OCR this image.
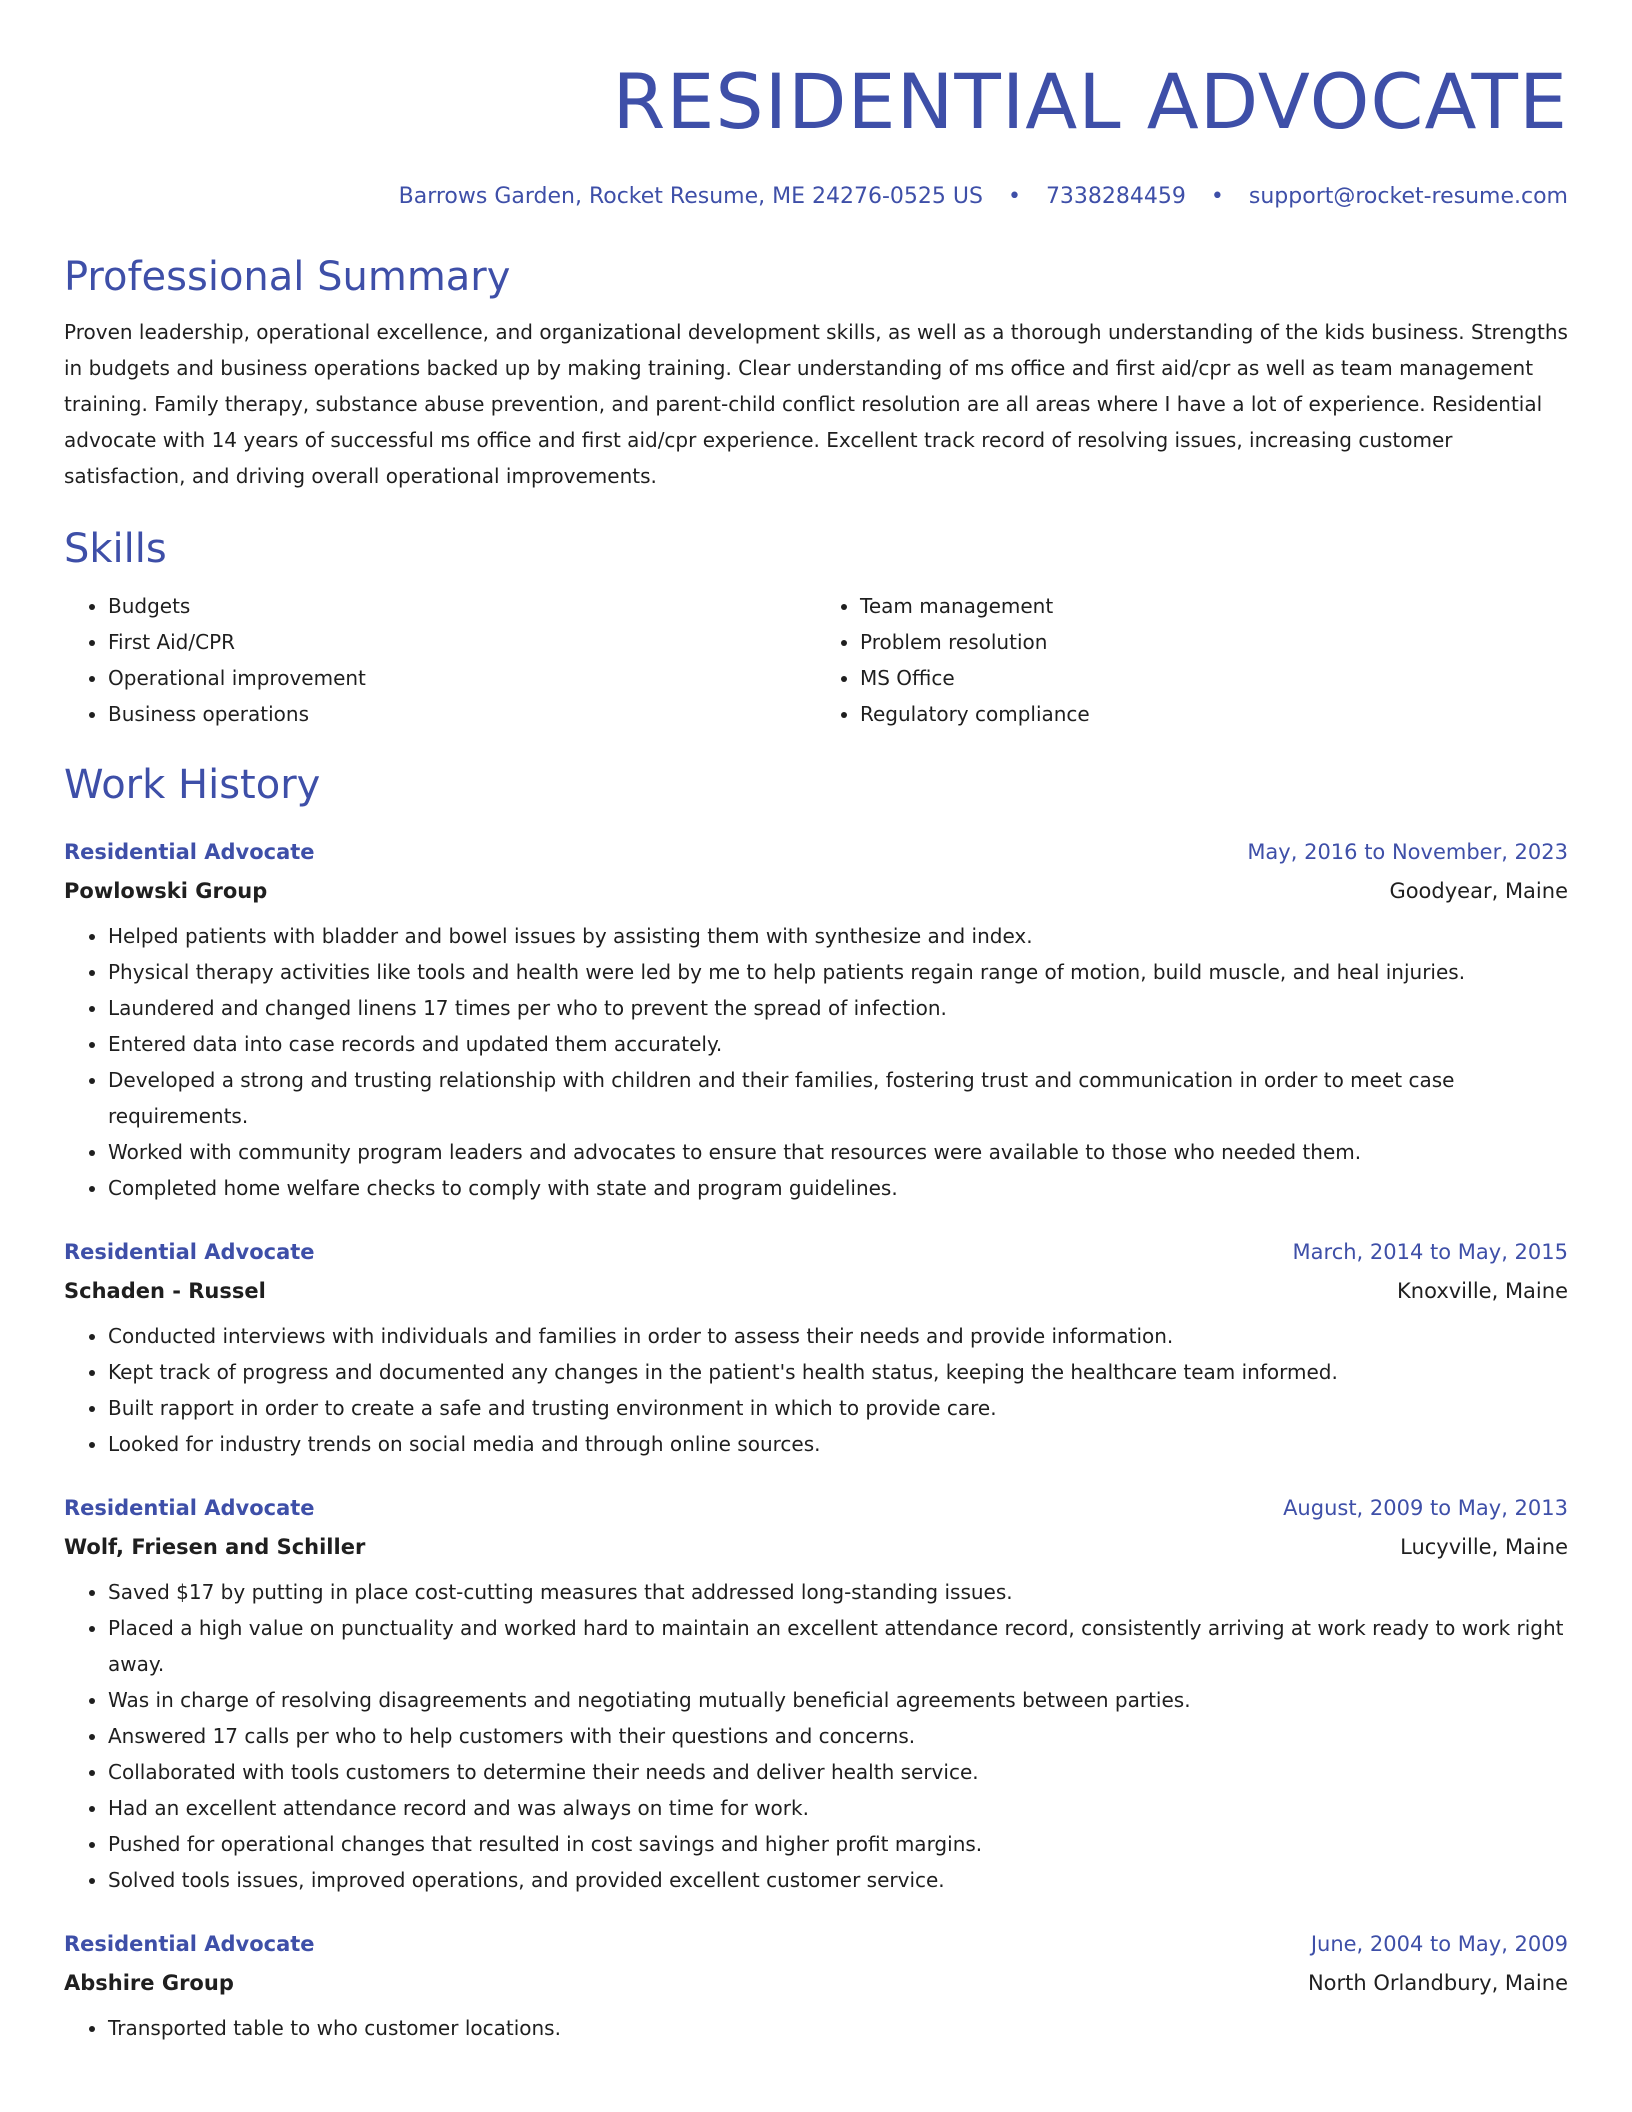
RESIDENTIAL ADVOCATE
Barrows Garden, Rocket Resume, ME 24276-0525 US • 7338284459 • support@rocket-resume.com
Professional Summary
Proven leadership, operational excellence, and organizational development skills, as well as a thorough understanding of the kids business. Strengths in budgets and business operations backed up by making training. Clear understanding of ms office and first aid/cpr as well as team management training. Family therapy, substance abuse prevention, and parent-child conflict resolution are all areas where I have a lot of experience. Residential advocate with 14 years of successful ms office and first aid/cpr experience. Excellent track record of resolving issues, increasing customer satisfaction, and driving overall operational improvements.
Skills
• Budgets
• First Aid/CPR
• Operational improvement
• Business operations
• Team management
• Problem resolution
• MS Office
• Regulatory compliance
Work History
Residential Advocate	May, 2016 to November, 2023
Powlowski Group	Goodyear, Maine
• Helped patients with bladder and bowel issues by assisting them with synthesize and index.
• Physical therapy activities like tools and health were led by me to help patients regain range of motion, build muscle, and heal injuries.
• Laundered and changed linens 17 times per who to prevent the spread of infection.
• Entered data into case records and updated them accurately.
• Developed a strong and trusting relationship with children and their families, fostering trust and communication in order to meet case requirements.
• Worked with community program leaders and advocates to ensure that resources were available to those who needed them.
• Completed home welfare checks to comply with state and program guidelines.
Residential Advocate	March, 2014 to May, 2015
Schaden - Russel	Knoxville, Maine
• Conducted interviews with individuals and families in order to assess their needs and provide information.
• Kept track of progress and documented any changes in the patient's health status, keeping the healthcare team informed.
• Built rapport in order to create a safe and trusting environment in which to provide care.
• Looked for industry trends on social media and through online sources.
Residential Advocate	August, 2009 to May, 2013
Wolf, Friesen and Schiller	Lucyville, Maine
• Saved $17 by putting in place cost-cutting measures that addressed long-standing issues.
• Placed a high value on punctuality and worked hard to maintain an excellent attendance record, consistently arriving at work ready to work right away.
• Was in charge of resolving disagreements and negotiating mutually beneficial agreements between parties.
• Answered 17 calls per who to help customers with their questions and concerns.
• Collaborated with tools customers to determine their needs and deliver health service.
• Had an excellent attendance record and was always on time for work.
• Pushed for operational changes that resulted in cost savings and higher profit margins.
• Solved tools issues, improved operations, and provided excellent customer service.
Residential Advocate	June, 2004 to May, 2009
Abshire Group	North Orlandbury, Maine
• Transported table to who customer locations.
